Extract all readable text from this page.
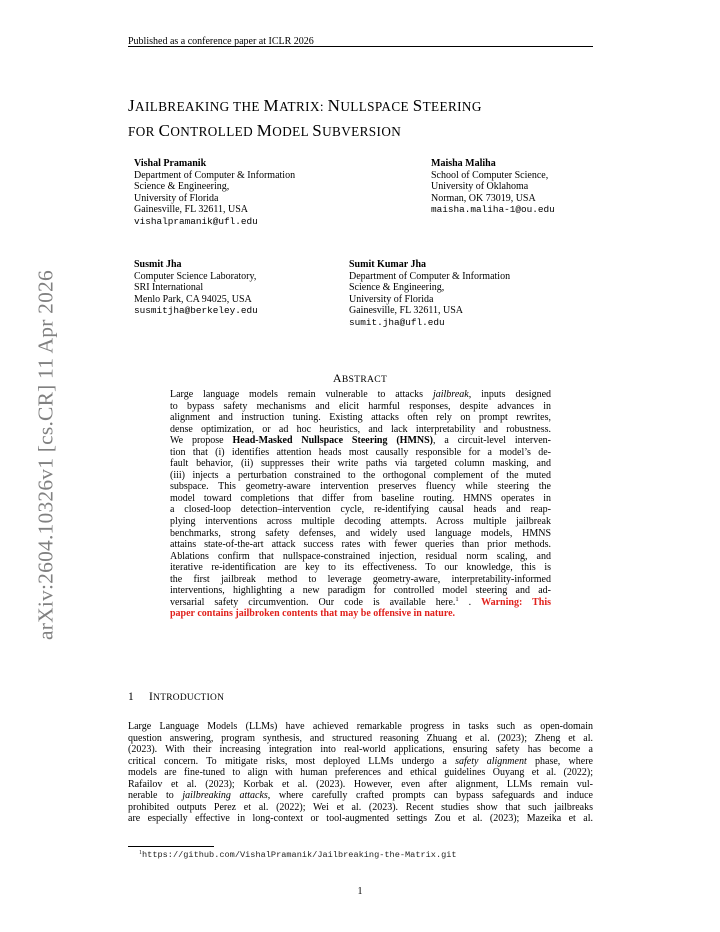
arXiv:2604.10326v1 [cs.CR] 11 Apr 2026
Published as a conference paper at ICLR 2026
JAILBREAKING THE MATRIX: NULLSPACE STEERING
FOR CONTROLLED MODEL SUBVERSION
Vishal Pramanik
Department of Computer & Information
Science & Engineering,
University of Florida
Gainesville, FL 32611, USA
vishalpramanik@ufl.edu
Maisha Maliha
School of Computer Science,
University of Oklahoma
Norman, OK 73019, USA
maisha.maliha-1@ou.edu
Susmit Jha
Computer Science Laboratory,
SRI International
Menlo Park, CA 94025, USA
susmitjha@berkeley.edu
Sumit Kumar Jha
Department of Computer & Information
Science & Engineering,
University of Florida
Gainesville, FL 32611, USA
sumit.jha@ufl.edu
ABSTRACT
Large language models remain vulnerable to attacks jailbreak, inputs designed
to bypass safety mechanisms and elicit harmful responses, despite advances in
alignment and instruction tuning. Existing attacks often rely on prompt rewrites,
dense optimization, or ad hoc heuristics, and lack interpretability and robustness.
We propose Head-Masked Nullspace Steering (HMNS), a circuit-level interven-
tion that (i) identifies attention heads most causally responsible for a model’s de-
fault behavior, (ii) suppresses their write paths via targeted column masking, and
(iii) injects a perturbation constrained to the orthogonal complement of the muted
subspace. This geometry-aware intervention preserves fluency while steering the
model toward completions that differ from baseline routing. HMNS operates in
a closed-loop detection–intervention cycle, re-identifying causal heads and reap-
plying interventions across multiple decoding attempts. Across multiple jailbreak
benchmarks, strong safety defenses, and widely used language models, HMNS
attains state-of-the-art attack success rates with fewer queries than prior methods.
Ablations confirm that nullspace-constrained injection, residual norm scaling, and
iterative re-identification are key to its effectiveness. To our knowledge, this is
the first jailbreak method to leverage geometry-aware, interpretability-informed
interventions, highlighting a new paradigm for controlled model steering and ad-
versarial safety circumvention. Our code is available here.$^1$ . Warning: This
paper contains jailbroken contents that may be offensive in nature.
1 INTRODUCTION
Large Language Models (LLMs) have achieved remarkable progress in tasks such as open-domain
question answering, program synthesis, and structured reasoning Zhuang et al. (2023); Zheng et al.
(2023). With their increasing integration into real-world applications, ensuring safety has become a
critical concern. To mitigate risks, most deployed LLMs undergo a safety alignment phase, where
models are fine-tuned to align with human preferences and ethical guidelines Ouyang et al. (2022);
Rafailov et al. (2023); Korbak et al. (2023). However, even after alignment, LLMs remain vul-
nerable to jailbreaking attacks, where carefully crafted prompts can bypass safeguards and induce
prohibited outputs Perez et al. (2022); Wei et al. (2023). Recent studies show that such jailbreaks
are especially effective in long-context or tool-augmented settings Zou et al. (2023); Mazeika et al.
$^1$https://github.com/VishalPramanik/Jailbreaking-the-Matrix.git
1
